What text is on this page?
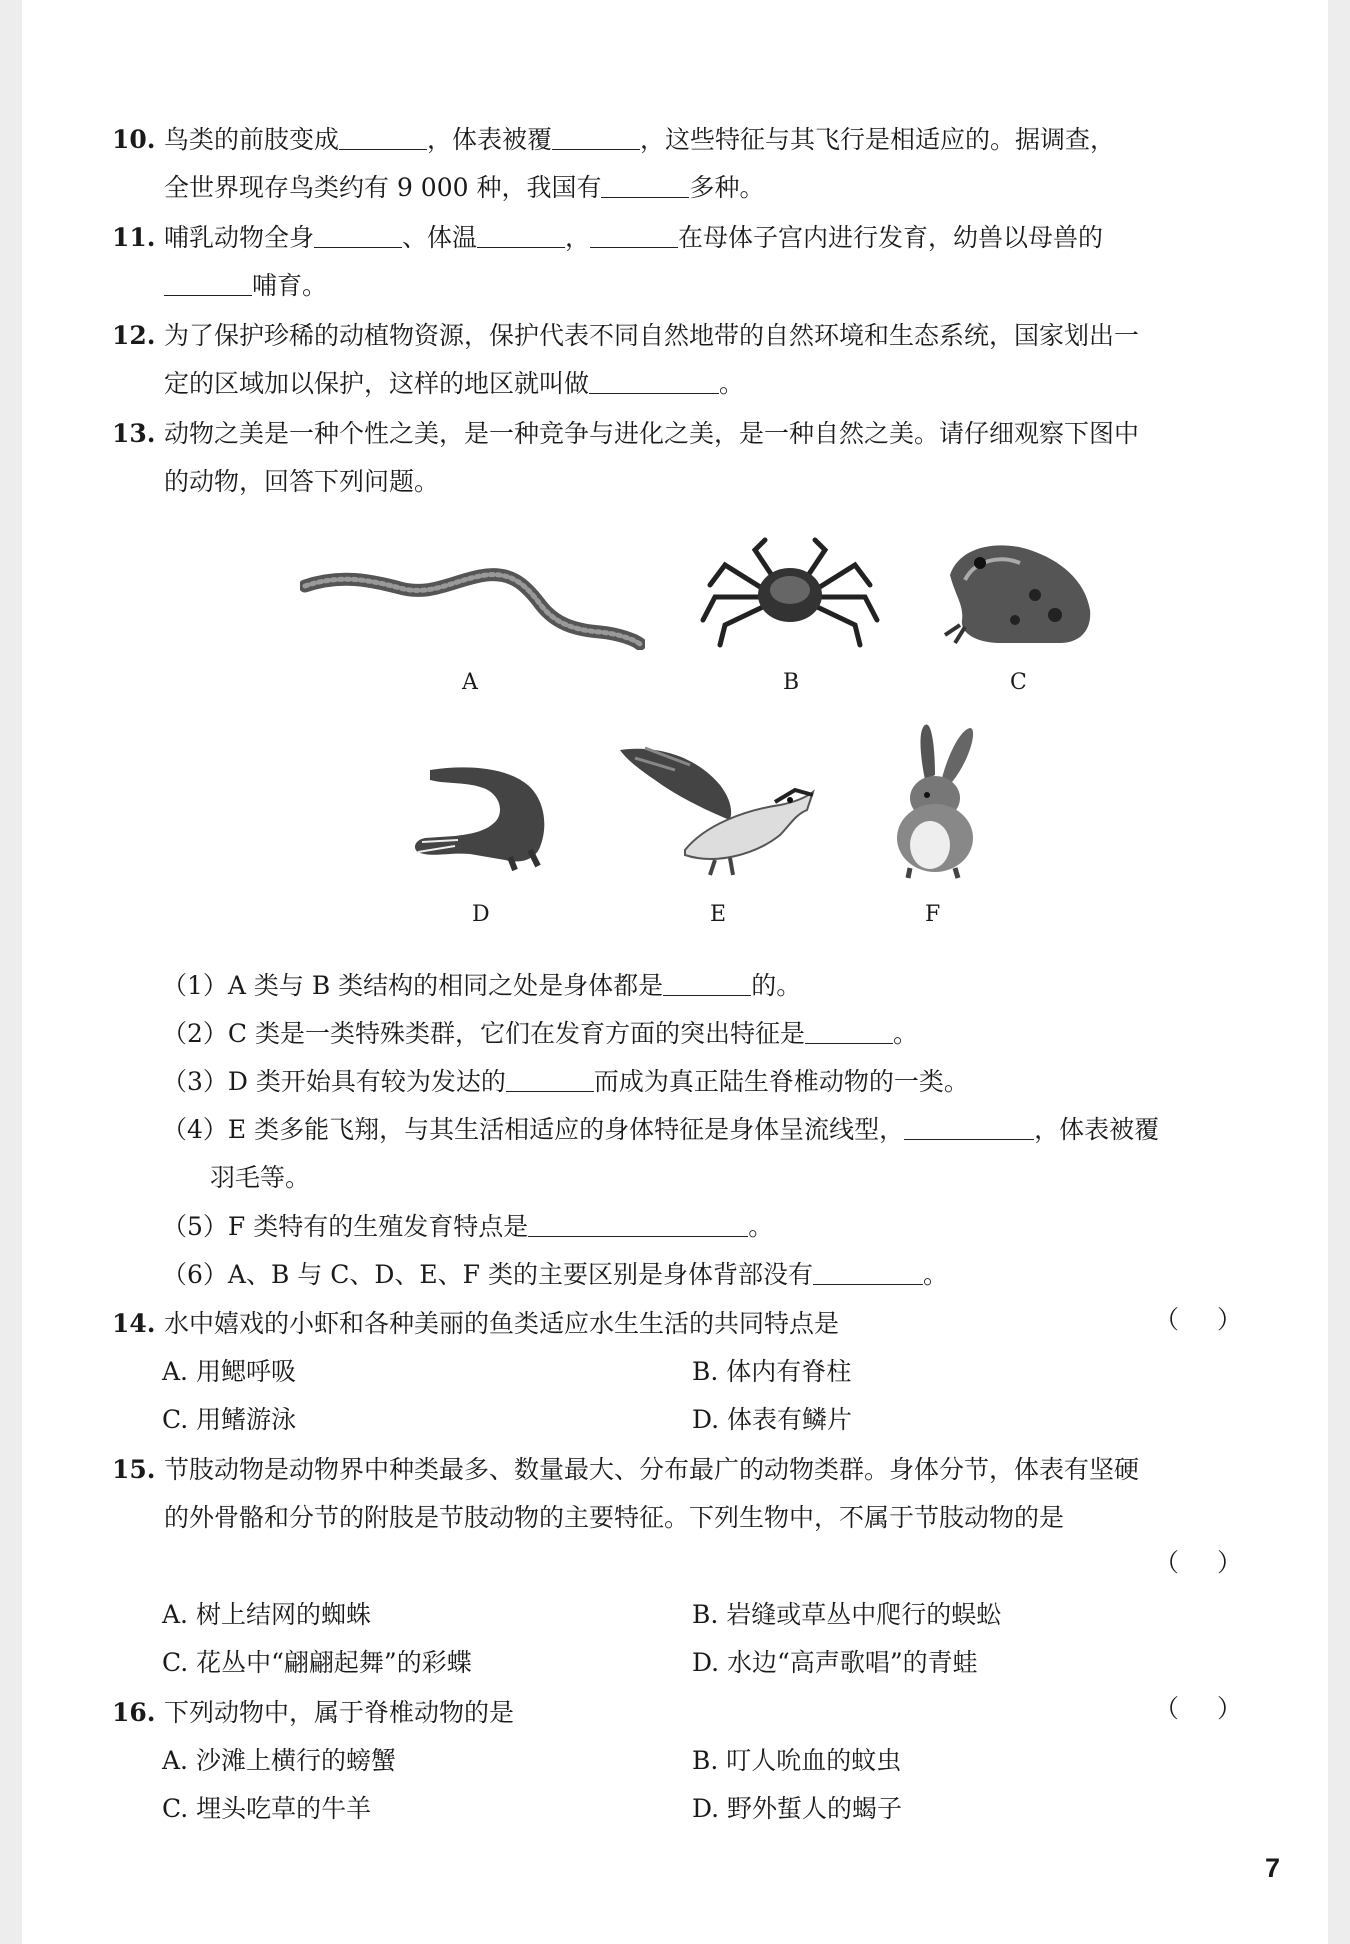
10. 鸟类的前肢变成	，体表被覆	，这些特征与其飞行是相适应的。据调查，
全世界现存鸟类约有 9 000 种，我国有	多种。
11. 哺乳动物全身	、体温	，	在母体子宫内进行发育，幼兽以母兽的
哺育。
12. 为了保护珍稀的动植物资源，保护代表不同自然地带的自然环境和生态系统，国家划出一
定的区域加以保护，这样的地区就叫做	。
13. 动物之美是一种个性之美，是一种竞争与进化之美，是一种自然之美。请仔细观察下图中
的动物，回答下列问题。
A	B	C
D	E	F
（1）A 类与 B 类结构的相同之处是身体都是	的。
（2）C 类是一类特殊类群，它们在发育方面的突出特征是	。
（3）D 类开始具有较为发达的	而成为真正陆生脊椎动物的一类。
（4）E 类多能飞翔，与其生活相适应的身体特征是身体呈流线型，	，体表被覆
羽毛等。
（5）F 类特有的生殖发育特点是	。
（6）A、B 与 C、D、E、F 类的主要区别是身体背部没有	。
14. 水中嬉戏的小虾和各种美丽的鱼类适应水生生活的共同特点是	（）
A. 用鳃呼吸	B. 体内有脊柱
C. 用鳍游泳	D. 体表有鳞片
15. 节肢动物是动物界中种类最多、数量最大、分布最广的动物类群。身体分节，体表有坚硬
的外骨骼和分节的附肢是节肢动物的主要特征。下列生物中，不属于节肢动物的是
（）
A. 树上结网的蜘蛛	B. 岩缝或草丛中爬行的蜈蚣
C. 花丛中“翩翩起舞”的彩蝶	D. 水边“高声歌唱”的青蛙
16. 下列动物中，属于脊椎动物的是	（）
A. 沙滩上横行的螃蟹	B. 叮人吮血的蚊虫
C. 埋头吃草的牛羊	D. 野外蜇人的蝎子
7
